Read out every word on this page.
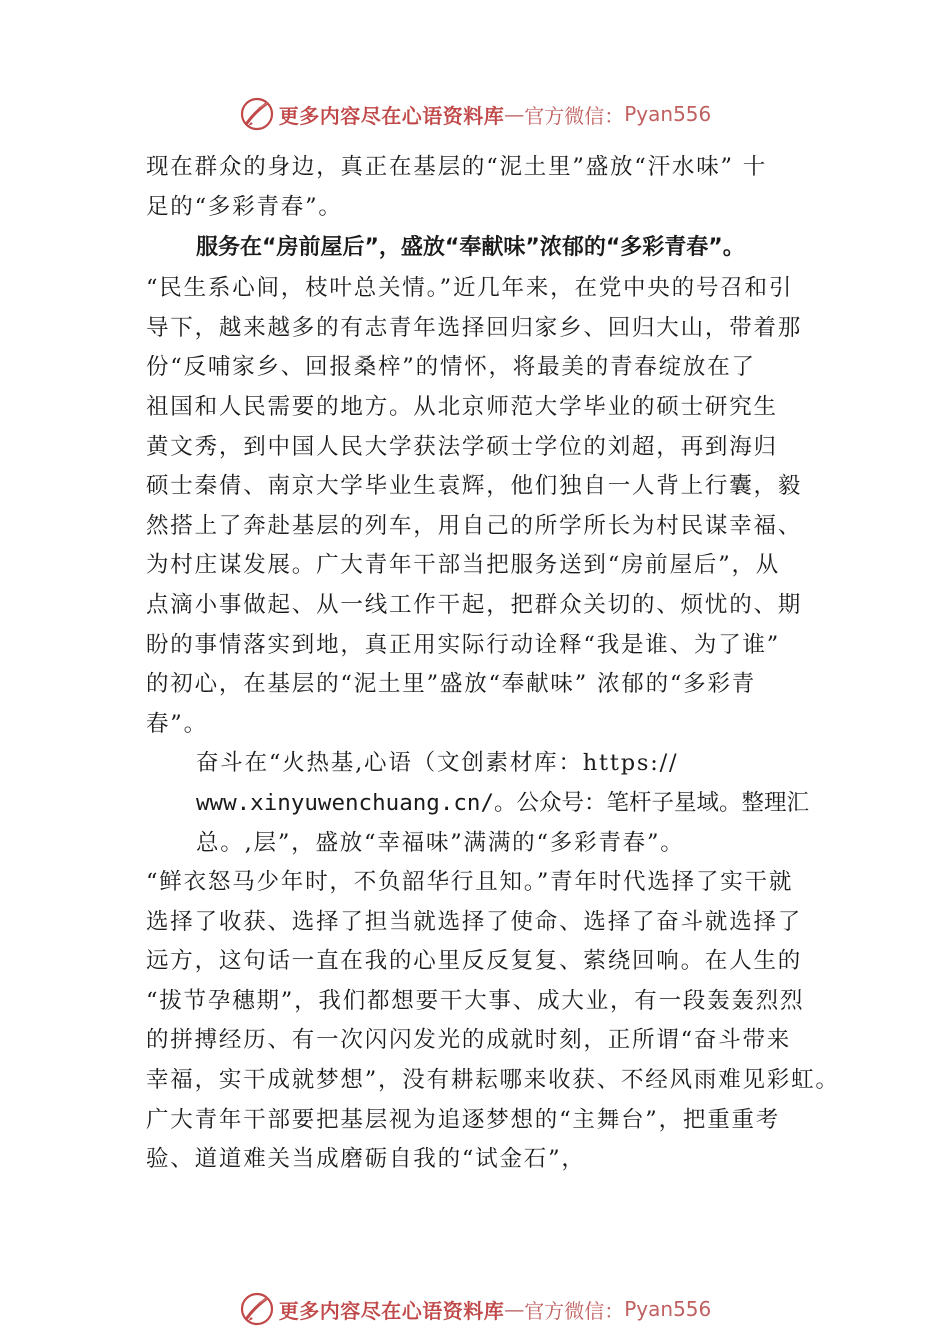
更多内容尽在心语资料库 — 官方微信： Pyan556
现在群众的身边，真正在基层的“泥土里”盛放“汗水味” 十
足的“多彩青春”。
服务在“房前屋后”，盛放“奉献味”浓郁的“多彩青春”。
“民生系心间，枝叶总关情。”近几年来，在党中央的号召和引
导下，越来越多的有志青年选择回归家乡、回归大山，带着那
份“反哺家乡、回报桑梓”的情怀，将最美的青春绽放在了
祖国和人民需要的地方。从北京师范大学毕业的硕士研究生
黄文秀，到中国人民大学获法学硕士学位的刘超，再到海归
硕士秦倩、南京大学毕业生袁辉，他们独自一人背上行囊，毅
然搭上了奔赴基层的列车，用自己的所学所长为村民谋幸福、
为村庄谋发展。广大青年干部当把服务送到“房前屋后”，从
点滴小事做起、从一线工作干起，把群众关切的、烦忧的、期
盼的事情落实到地，真正用实际行动诠释“我是谁、为了谁”
的初心，在基层的“泥土里”盛放“奉献味” 浓郁的“多彩青
春”。
奋斗在“火热基,心语（文创素材库：https://
www.xinyuwenchuang.cn/。公众号：笔杆子星域。整理汇
总。,层”，盛放“幸福味”满满的“多彩青春”。
“鲜衣怒马少年时，不负韶华行且知。”青年时代选择了实干就
选择了收获、选择了担当就选择了使命、选择了奋斗就选择了
远方，这句话一直在我的心里反反复复、萦绕回响。在人生的
“拔节孕穗期”，我们都想要干大事、成大业，有一段轰轰烈烈
的拼搏经历、有一次闪闪发光的成就时刻，正所谓“奋斗带来
幸福，实干成就梦想”，没有耕耘哪来收获、不经风雨难见彩虹。
广大青年干部要把基层视为追逐梦想的“主舞台”，把重重考
验、道道难关当成磨砺自我的“试金石”，
更多内容尽在心语资料库 — 官方微信： Pyan556
